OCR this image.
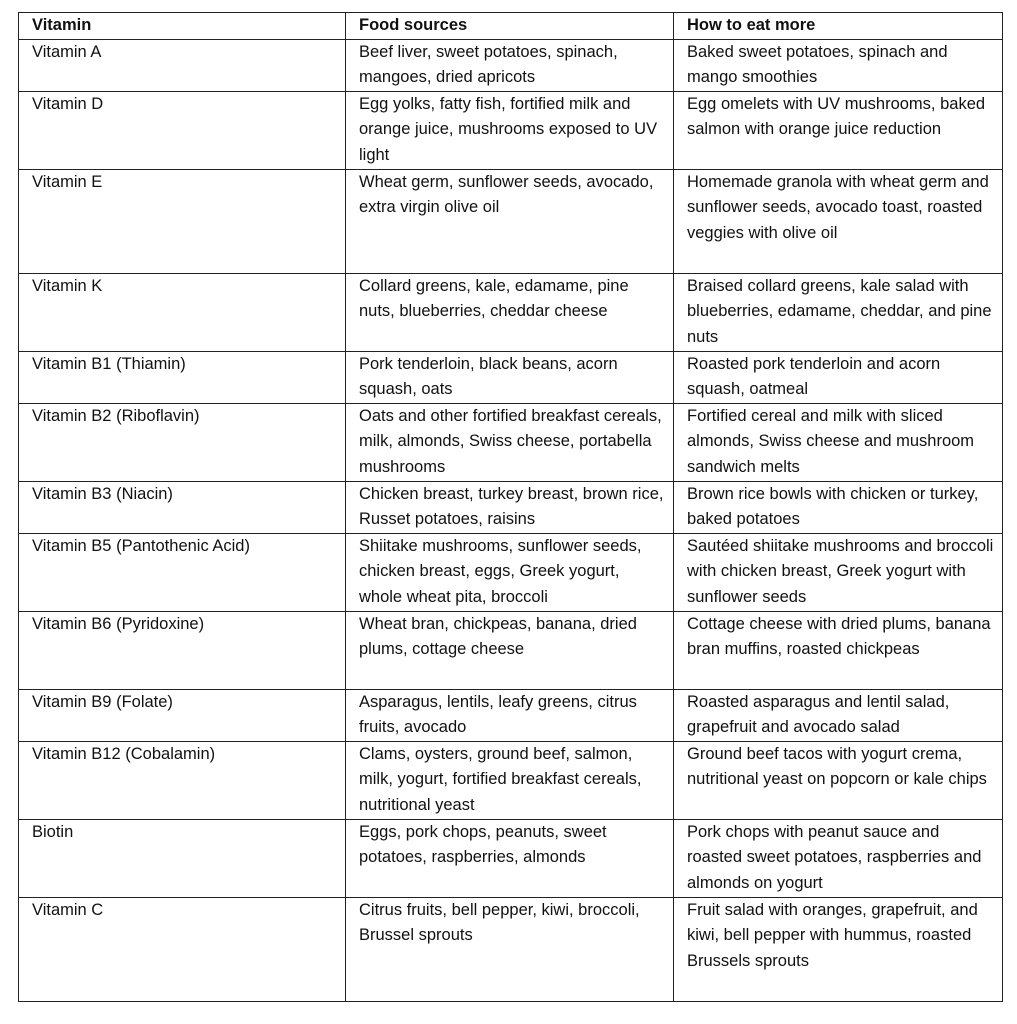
Vitamin	Food sources	How to eat more
Vitamin A	Beef liver, sweet potatoes, spinach, mangoes, dried apricots	Baked sweet potatoes, spinach and mango smoothies
Vitamin D	Egg yolks, fatty fish, fortified milk and orange juice, mushrooms exposed to UV light	Egg omelets with UV mushrooms, baked salmon with orange juice reduction
Vitamin E	Wheat germ, sunflower seeds, avocado, extra virgin olive oil	Homemade granola with wheat germ and sunflower seeds, avocado toast, roasted veggies with olive oil
Vitamin K	Collard greens, kale, edamame, pine nuts, blueberries, cheddar cheese	Braised collard greens, kale salad with blueberries, edamame, cheddar, and pine nuts
Vitamin B1 (Thiamin)	Pork tenderloin, black beans, acorn squash, oats	Roasted pork tenderloin and acorn squash, oatmeal
Vitamin B2 (Riboflavin)	Oats and other fortified breakfast cereals, milk, almonds, Swiss cheese, portabella mushrooms	Fortified cereal and milk with sliced almonds, Swiss cheese and mushroom sandwich melts
Vitamin B3 (Niacin)	Chicken breast, turkey breast, brown rice, Russet potatoes, raisins	Brown rice bowls with chicken or turkey, baked potatoes
Vitamin B5 (Pantothenic Acid)	Shiitake mushrooms, sunflower seeds, chicken breast, eggs, Greek yogurt, whole wheat pita, broccoli	Sautéed shiitake mushrooms and broccoli with chicken breast, Greek yogurt with sunflower seeds
Vitamin B6 (Pyridoxine)	Wheat bran, chickpeas, banana, dried plums, cottage cheese	Cottage cheese with dried plums, banana bran muffins, roasted chickpeas
Vitamin B9 (Folate)	Asparagus, lentils, leafy greens, citrus fruits, avocado	Roasted asparagus and lentil salad, grapefruit and avocado salad
Vitamin B12 (Cobalamin)	Clams, oysters, ground beef, salmon, milk, yogurt, fortified breakfast cereals, nutritional yeast	Ground beef tacos with yogurt crema, nutritional yeast on popcorn or kale chips
Biotin	Eggs, pork chops, peanuts, sweet potatoes, raspberries, almonds	Pork chops with peanut sauce and roasted sweet potatoes, raspberries and almonds on yogurt
Vitamin C	Citrus fruits, bell pepper, kiwi, broccoli, Brussel sprouts	Fruit salad with oranges, grapefruit, and kiwi, bell pepper with hummus, roasted Brussels sprouts
